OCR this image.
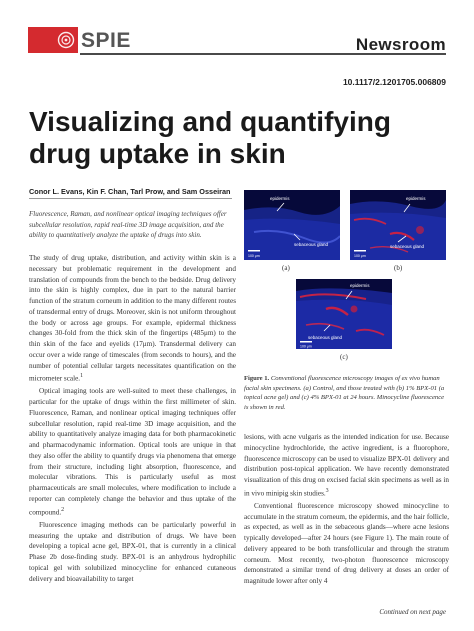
SPIE	Newsroom
10.1117/2.1201705.006809
Visualizing and quantifying
drug uptake in skin
Conor L. Evans, Kin F. Chan, Tarl Prow, and Sam Osseiran
Fluorescence, Raman, and nonlinear optical imaging techniques offer subcellular resolution, rapid real-time 3D image acquisition, and the ability to quantitatively analyze the uptake of drugs into skin.

The study of drug uptake, distribution, and activity within skin is a necessary but problematic requirement in the development and translation of compounds from the bench to the bedside. Drug delivery into the skin is highly complex, due in part to the natural barrier function of the stratum corneum in addition to the many different routes of transdermal entry of drugs. Moreover, skin is not uniform throughout the body or across age groups. For example, epidermal thickness changes 30-fold from the thick skin of the fingertips (485μm) to the thin skin of the face and eyelids (17μm). Transdermal delivery can occur over a wide range of timescales (from seconds to hours), and the number of potential cellular targets necessitates quantification on the micrometer scale.$^1$

Optical imaging tools are well-suited to meet these challenges, in particular for the uptake of drugs within the first millimeter of skin. Fluorescence, Raman, and nonlinear optical imaging techniques offer subcellular resolution, rapid real-time 3D image acquisition, and the ability to quantitatively analyze imaging data for both pharmacokinetic and pharmacodynamic information. Optical tools are unique in that they also offer the ability to quantify drugs via phenomena that emerge from their structure, including light absorption, fluorescence, and molecular vibrations. This is particularly useful as most pharmaceuticals are small molecules, where modification to include a reporter can completely change the behavior and thus uptake of the compound.$^2$

Fluorescence imaging methods can be particularly powerful in measuring the uptake and distribution of drugs. We have been developing a topical acne gel, BPX-01, that is currently in a clinical Phase 2b dose-finding study. BPX-01 is an anhydrous hydrophilic topical gel with solubilized minocycline for enhanced cutaneous delivery and bioavailability to target

epidermis
sebaceous gland
100 μm
(a)
epidermis
sebaceous gland
100 μm
(b)
epidermis
sebaceous gland
100 μm
(c)
Figure 1. Conventional fluorescence microscopy images of ex vivo human facial skin specimens. (a) Control, and those treated with (b) 1% BPX-01 (a topical acne gel) and (c) 4% BPX-01 at 24 hours. Minocycline fluorescence is shown in red.

lesions, with acne vulgaris as the intended indication for use. Because minocycline hydrochloride, the active ingredient, is a fluorophore, fluorescence microscopy can be used to visualize BPX-01 delivery and distribution post-topical application. We have recently demonstrated visualization of this drug on excised facial skin specimens as well as in in vivo minipig skin studies.$^3$

Conventional fluorescence microscopy showed minocycline to accumulate in the stratum corneum, the epidermis, and the hair follicle, as expected, as well as in the sebaceous glands—where acne lesions typically developed—after 24 hours (see Figure 1). The main route of delivery appeared to be both transfollicular and through the stratum corneum. Most recently, two-photon fluorescence microscopy demonstrated a similar trend of drug delivery at doses an order of magnitude lower after only 4

Continued on next page
